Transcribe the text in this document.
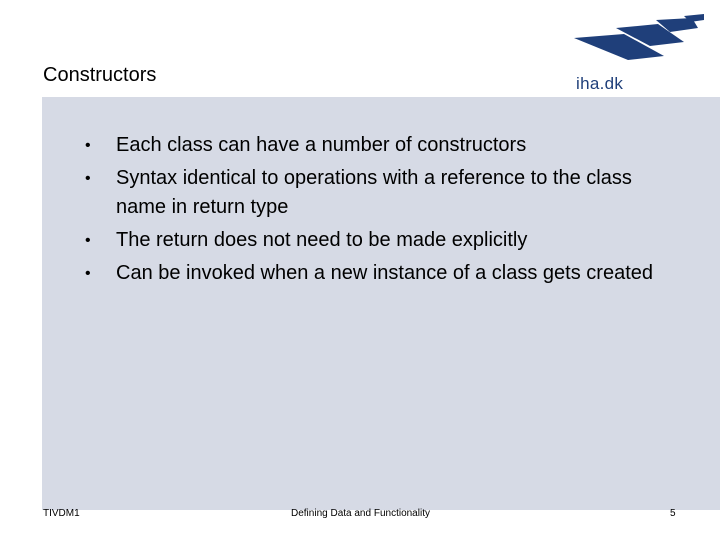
Constructors	iha.dk
• Each class can have a number of constructors
• Syntax identical to operations with a reference to the class name in return type
• The return does not need to be made explicitly
• Can be invoked when a new instance of a class gets created
TIVDM1	Defining Data and Functionality	5
